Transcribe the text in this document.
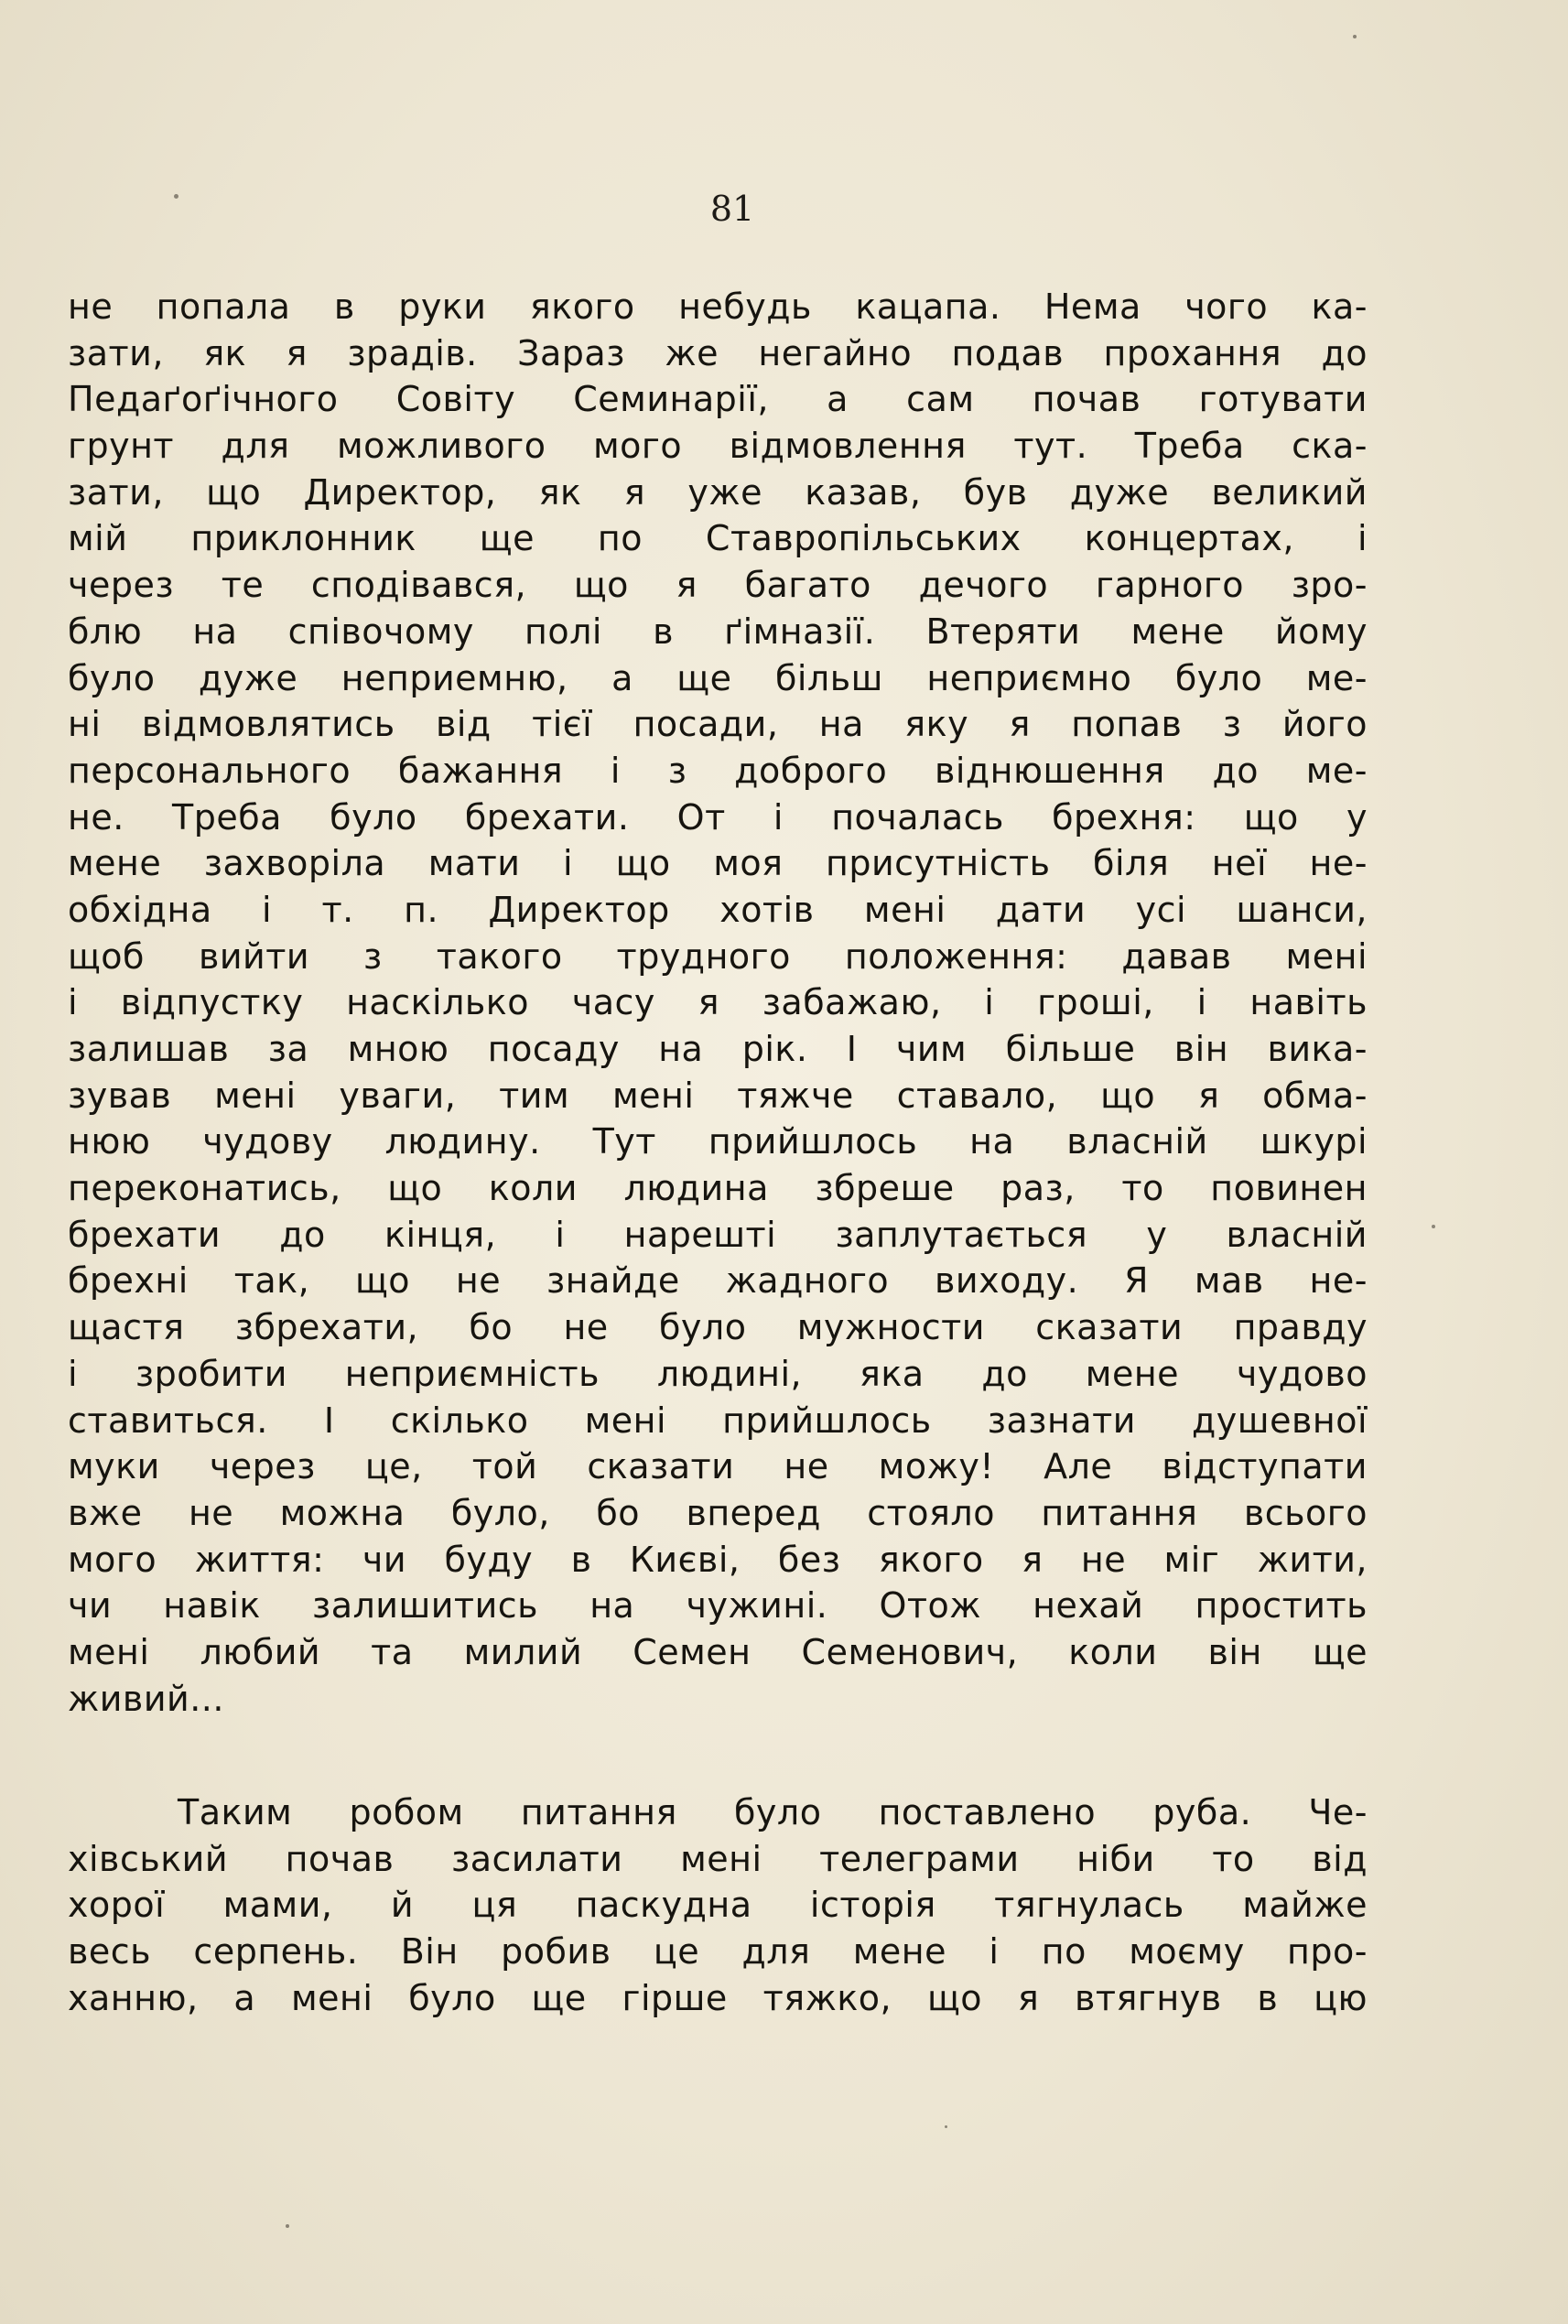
81
не попала в руки якого небудь кацапа. Нема чого ка-
зати, як я зрадів. Зараз же негайно подав прохання до
Педаґоґічного Совіту Семинарії, а сам почав готувати
грунт для можливого мого відмовлення тут. Треба ска-
зати, що Директор, як я уже казав, був дуже великий
мій приклонник ще по Ставропільських концертах, і
через те сподівався, що я багато дечого гарного зро-
блю на співочому полі в ґімназії. Втеряти мене йому
було дуже неприемню, а ще більш неприємно було ме-
ні відмовлятись від тієї посади, на яку я попав з його
персонального бажання і з доброго віднюшення до ме-
не. Треба було брехати. От і почалась брехня: що у
мене захворіла мати і що моя присутність біля неї не-
обхідна і т. п. Директор хотів мені дати усі шанси,
щоб вийти з такого трудного положення: давав мені
і відпустку наскілько часу я забажаю, і гроші, і навіть
залишав за мною посаду на рік. І чим більше він вика-
зував мені уваги, тим мені тяжче ставало, що я обма-
нюю чудову людину. Тут прийшлось на власній шкурі
переконатись, що коли людина збреше раз, то повинен
брехати до кінця, і нарешті заплутається у власній
брехні так, що не знайде жадного виходу. Я мав не-
щастя збрехати, бо не було мужности сказати правду
і зробити неприємність людині, яка до мене чудово
ставиться. І скілько мені прийшлось зазнати душевної
муки через це, той сказати не можу! Але відступати
вже не можна було, бо вперед стояло питання всього
мого життя: чи буду в Києві, без якого я не міг жити,
чи навік залишитись на чужині. Отож нехай простить
мені любий та милий Семен Семенович, коли він ще
живий...
Таким робом питання було поставлено руба. Че-
хівський почав засилати мені телеграми ніби то від
хорої мами, й ця паскудна історія тягнулась майже
весь серпень. Він робив це для мене і по моєму про-
ханню, а мені було ще гірше тяжко, що я втягнув в цю
